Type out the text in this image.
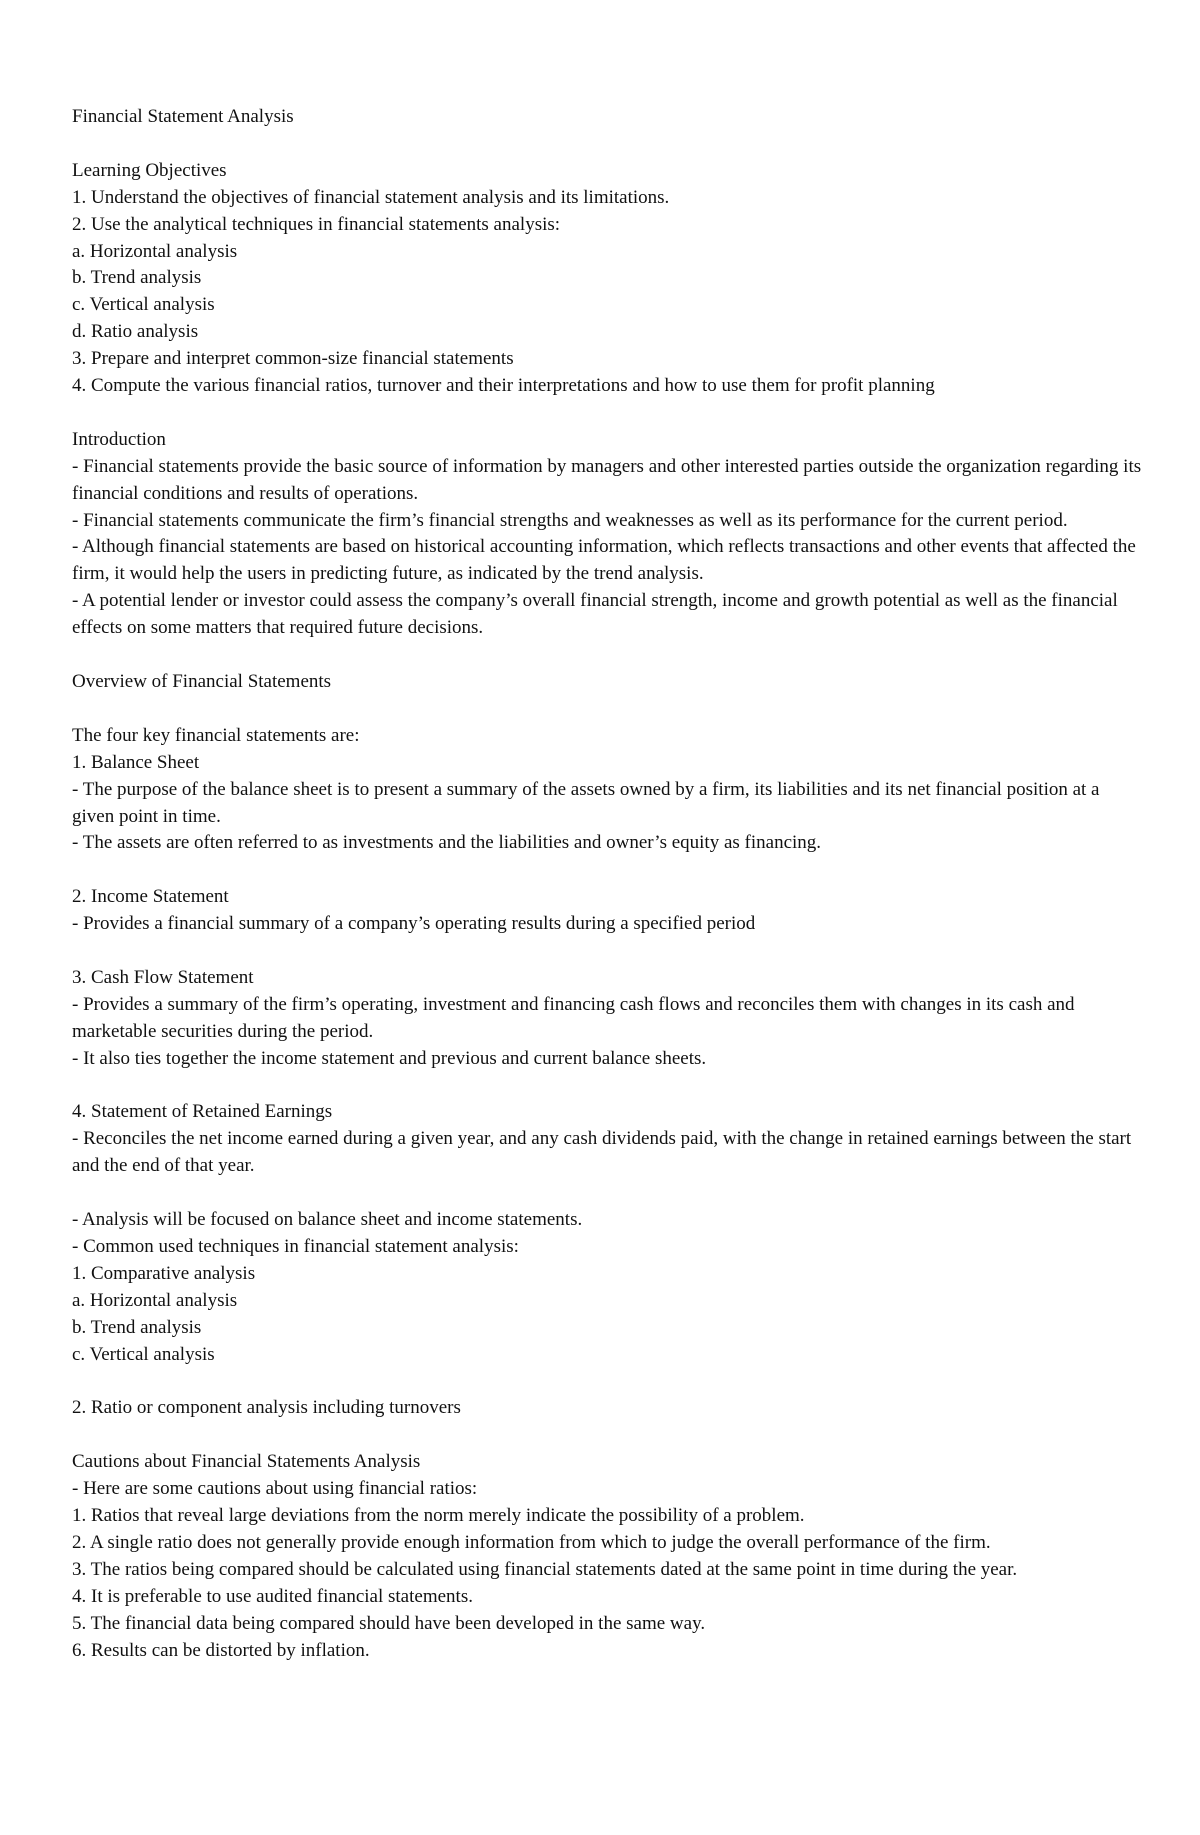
Financial Statement Analysis
Learning Objectives
1. Understand the objectives of financial statement analysis and its limitations.
2. Use the analytical techniques in financial statements analysis:
a. Horizontal analysis
b. Trend analysis
c. Vertical analysis
d. Ratio analysis
3. Prepare and interpret common-size financial statements
4. Compute the various financial ratios, turnover and their interpretations and how to use them for profit planning
Introduction
- Financial statements provide the basic source of information by managers and other interested parties outside the organization regarding its financial conditions and results of operations.
- Financial statements communicate the firm’s financial strengths and weaknesses as well as its performance for the current period.
- Although financial statements are based on historical accounting information, which reflects transactions and other events that affected the firm, it would help the users in predicting future, as indicated by the trend analysis.
- A potential lender or investor could assess the company’s overall financial strength, income and growth potential as well as the financial effects on some matters that required future decisions.
Overview of Financial Statements
The four key financial statements are:
1. Balance Sheet
- The purpose of the balance sheet is to present a summary of the assets owned by a firm, its liabilities and its net financial position at a given point in time.
- The assets are often referred to as investments and the liabilities and owner’s equity as financing.
2. Income Statement
- Provides a financial summary of a company’s operating results during a specified period
3. Cash Flow Statement
- Provides a summary of the firm’s operating, investment and financing cash flows and reconciles them with changes in its cash and marketable securities during the period.
- It also ties together the income statement and previous and current balance sheets.
4. Statement of Retained Earnings
- Reconciles the net income earned during a given year, and any cash dividends paid, with the change in retained earnings between the start and the end of that year.
- Analysis will be focused on balance sheet and income statements.
- Common used techniques in financial statement analysis:
1. Comparative analysis
a. Horizontal analysis
b. Trend analysis
c. Vertical analysis
2. Ratio or component analysis including turnovers
Cautions about Financial Statements Analysis
- Here are some cautions about using financial ratios:
1. Ratios that reveal large deviations from the norm merely indicate the possibility of a problem.
2. A single ratio does not generally provide enough information from which to judge the overall performance of the firm.
3. The ratios being compared should be calculated using financial statements dated at the same point in time during the year.
4. It is preferable to use audited financial statements.
5. The financial data being compared should have been developed in the same way.
6. Results can be distorted by inflation.
